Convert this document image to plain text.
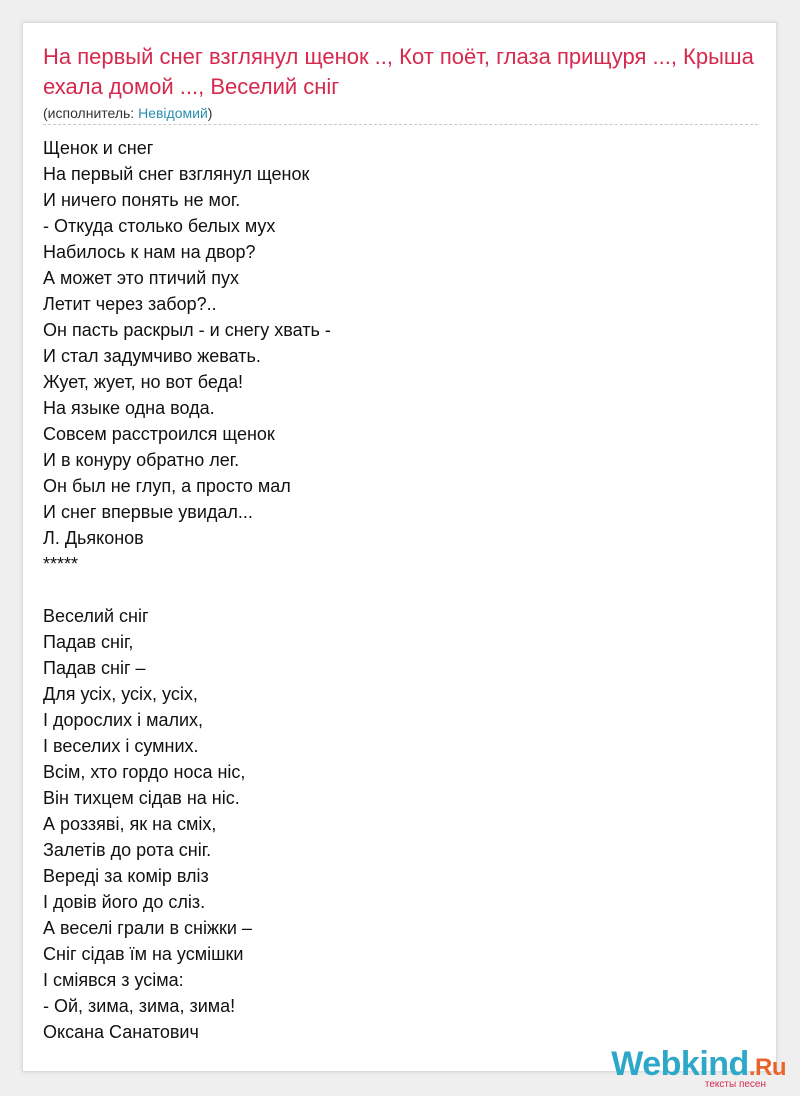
На первый снег взглянул щенок .., Кот поёт, глаза прищуря ..., Крыша ехала домой ..., Веселий сніг
(исполнитель: Невідомий)
Щенок и снег
На первый снег взглянул щенок
И ничего понять не мог.
- Откуда столько белых мух
Набилось к нам на двор?
А может это птичий пух
Летит через забор?..
Он пасть раскрыл - и снегу хвать -
И стал задумчиво жевать.
Жует, жует, но вот беда!
На языке одна вода.
Совсем расстроился щенок
И в конуру обратно лег.
Он был не глуп, а просто мал
И снег впервые увидал...
Л. Дьяконов
*****
Веселий сніг
Падав сніг,
Падав сніг –
Для усіх, усіх, усіх,
І дорослих і малих,
І веселих і сумних.
Всім, хто гордо носа ніс,
Він тихцем сідав на ніс.
А роззяві, як на сміх,
Залетів до рота сніг.
Вереді за комір вліз
І довів його до сліз.
А веселі грали в сніжки –
Сніг сідав їм на усмішки
І сміявся з усіма:
- Ой, зима, зима, зима!
Оксана Санатович
Webkind.Ru
тексты песен
